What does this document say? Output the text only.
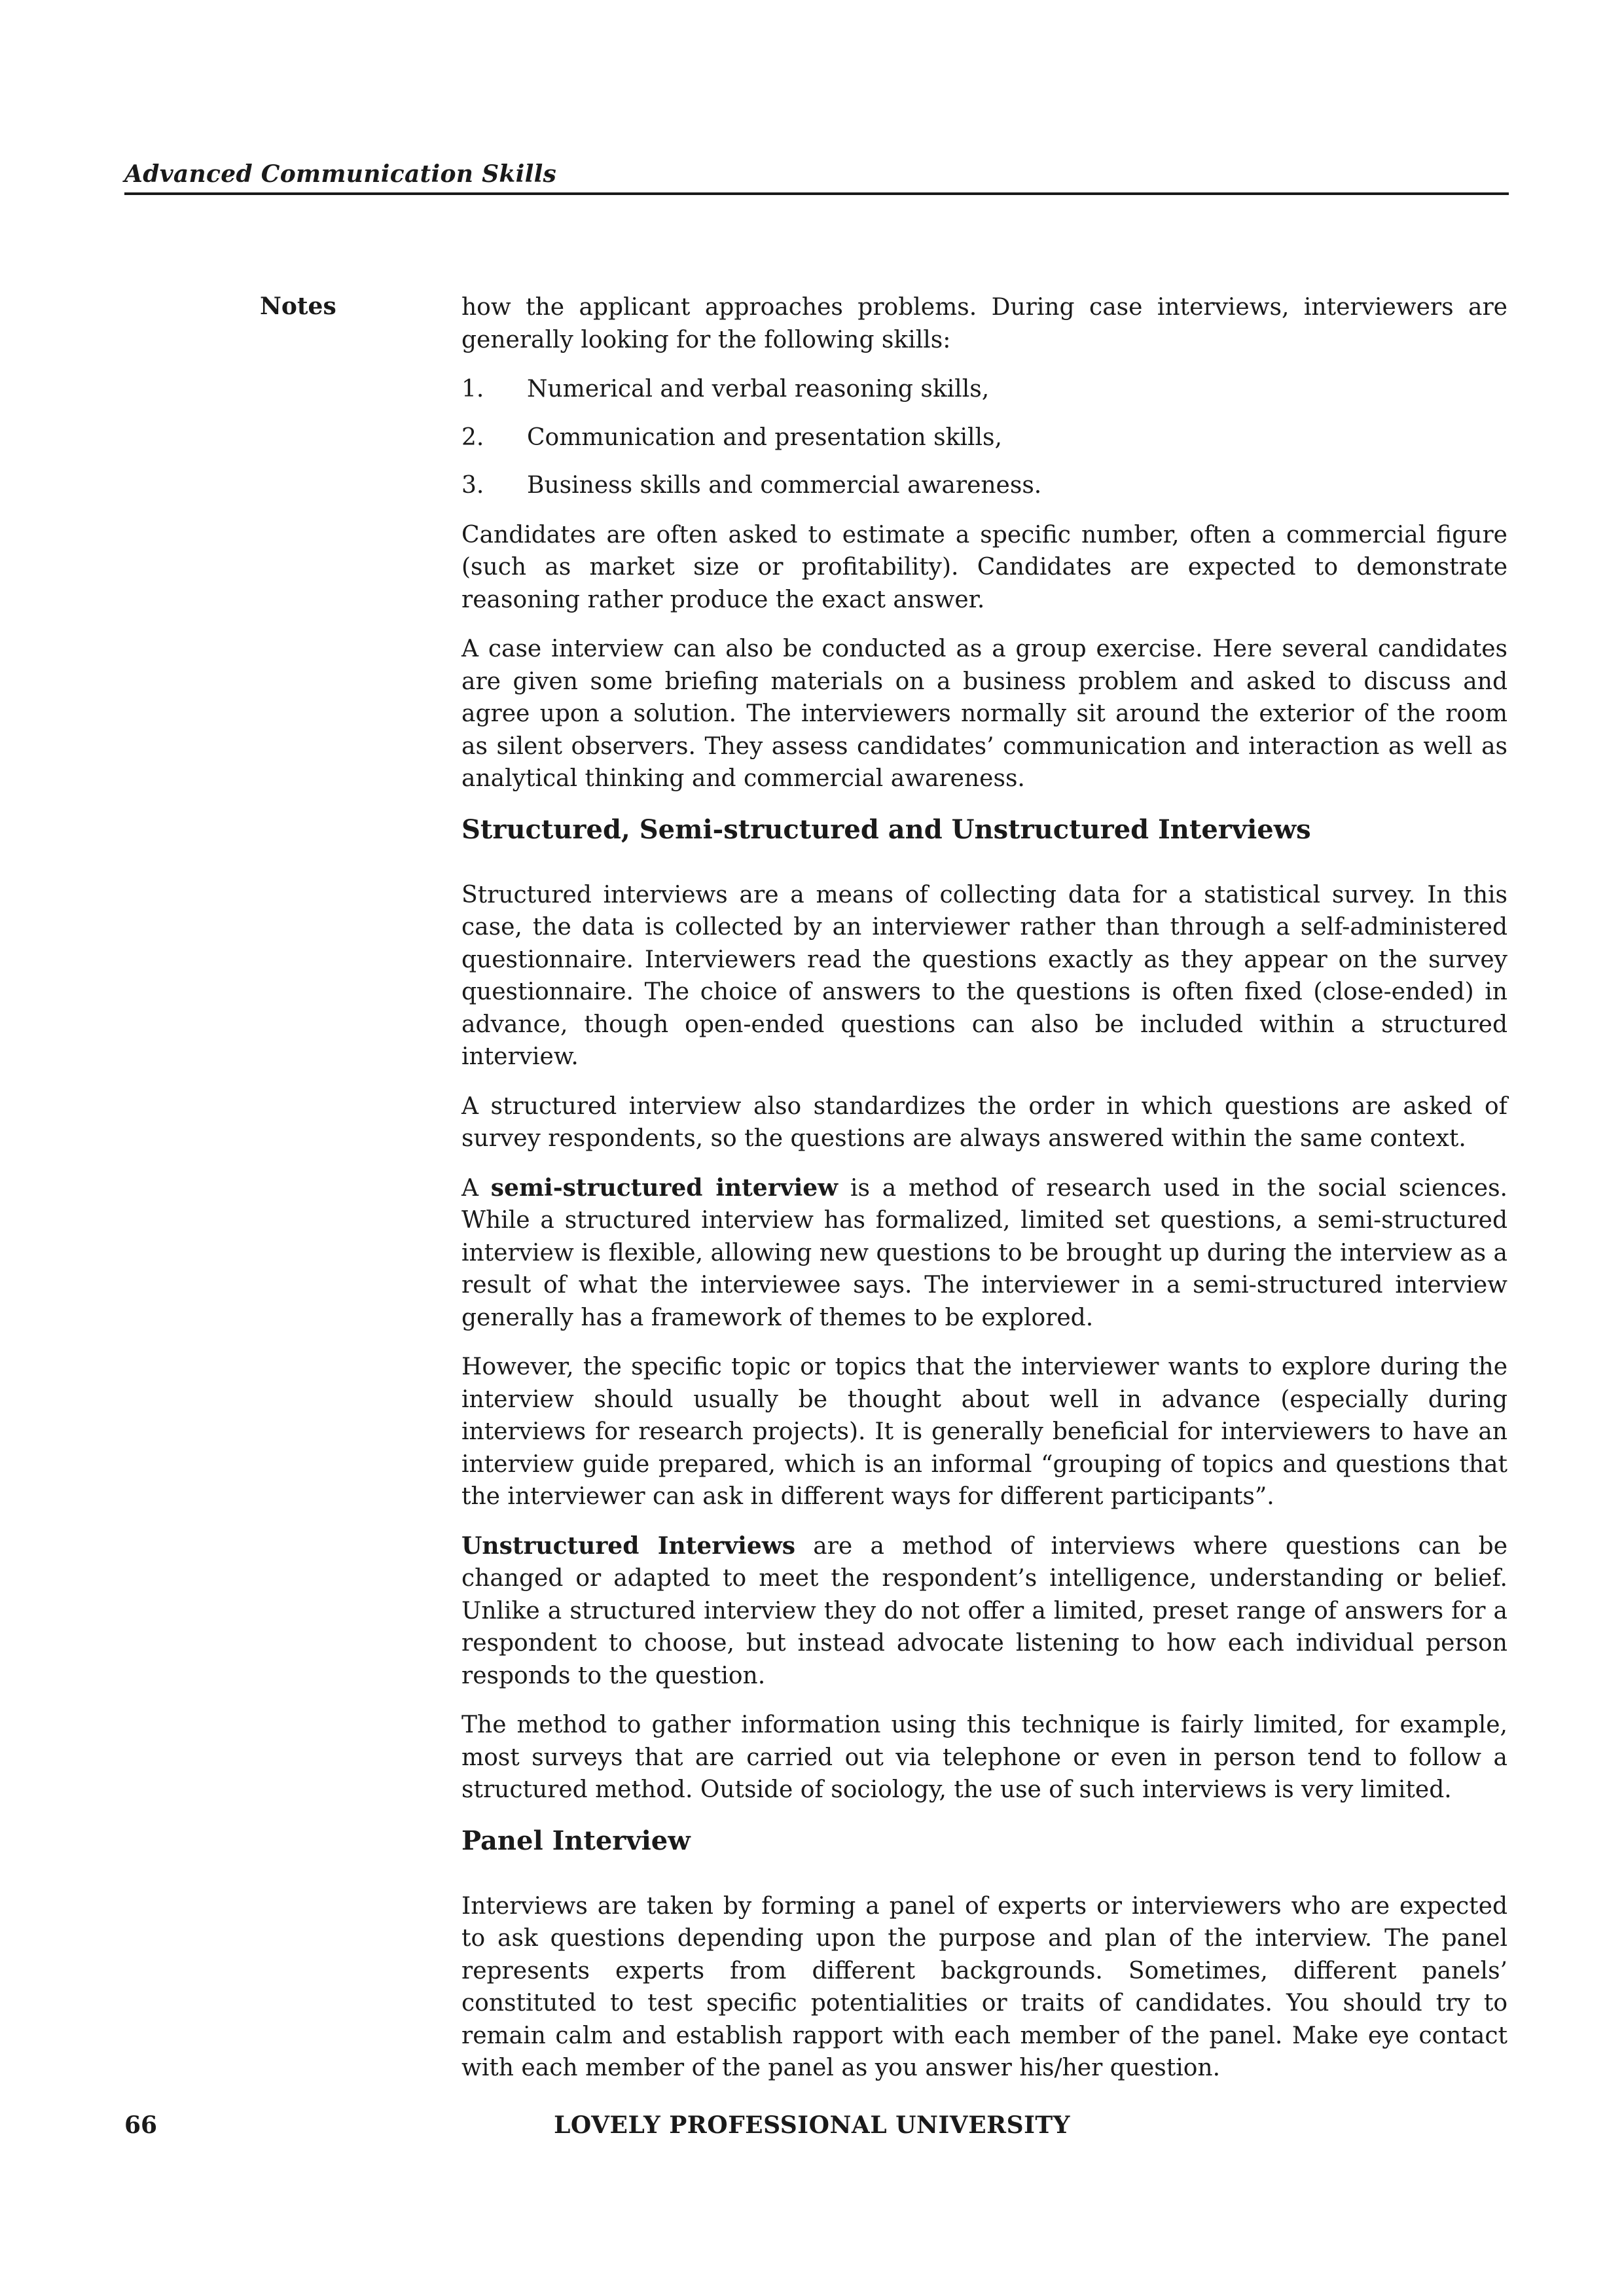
Advanced Communication Skills
Notes	how the applicant approaches problems. During case interviews, interviewers are generally looking for the following skills:

1.	Numerical and verbal reasoning skills,
2.	Communication and presentation skills,
3.	Business skills and commercial awareness.

Candidates are often asked to estimate a specific number, often a commercial figure (such as market size or profitability). Candidates are expected to demonstrate reasoning rather produce the exact answer.

A case interview can also be conducted as a group exercise. Here several candidates are given some briefing materials on a business problem and asked to discuss and agree upon a solution. The interviewers normally sit around the exterior of the room as silent observers. They assess candidates’ communication and interaction as well as analytical thinking and commercial awareness.

Structured, Semi-structured and Unstructured Interviews

Structured interviews are a means of collecting data for a statistical survey. In this case, the data is collected by an interviewer rather than through a self-administered questionnaire. Interviewers read the questions exactly as they appear on the survey questionnaire. The choice of answers to the questions is often fixed (close-ended) in advance, though open-ended questions can also be included within a structured interview.

A structured interview also standardizes the order in which questions are asked of survey respondents, so the questions are always answered within the same context.

A semi-structured interview is a method of research used in the social sciences. While a structured interview has formalized, limited set questions, a semi-structured interview is flexible, allowing new questions to be brought up during the interview as a result of what the interviewee says. The interviewer in a semi-structured interview generally has a framework of themes to be explored.

However, the specific topic or topics that the interviewer wants to explore during the interview should usually be thought about well in advance (especially during interviews for research projects). It is generally beneficial for interviewers to have an interview guide prepared, which is an informal “grouping of topics and questions that the interviewer can ask in different ways for different participants”.

Unstructured Interviews are a method of interviews where questions can be changed or adapted to meet the respondent’s intelligence, understanding or belief. Unlike a structured interview they do not offer a limited, preset range of answers for a respondent to choose, but instead advocate listening to how each individual person responds to the question.

The method to gather information using this technique is fairly limited, for example, most surveys that are carried out via telephone or even in person tend to follow a structured method. Outside of sociology, the use of such interviews is very limited.

Panel Interview

Interviews are taken by forming a panel of experts or interviewers who are expected to ask questions depending upon the purpose and plan of the interview. The panel represents experts from different backgrounds. Sometimes, different panels’ constituted to test specific potentialities or traits of candidates. You should try to remain calm and establish rapport with each member of the panel. Make eye contact with each member of the panel as you answer his/her question.

66	LOVELY PROFESSIONAL UNIVERSITY
